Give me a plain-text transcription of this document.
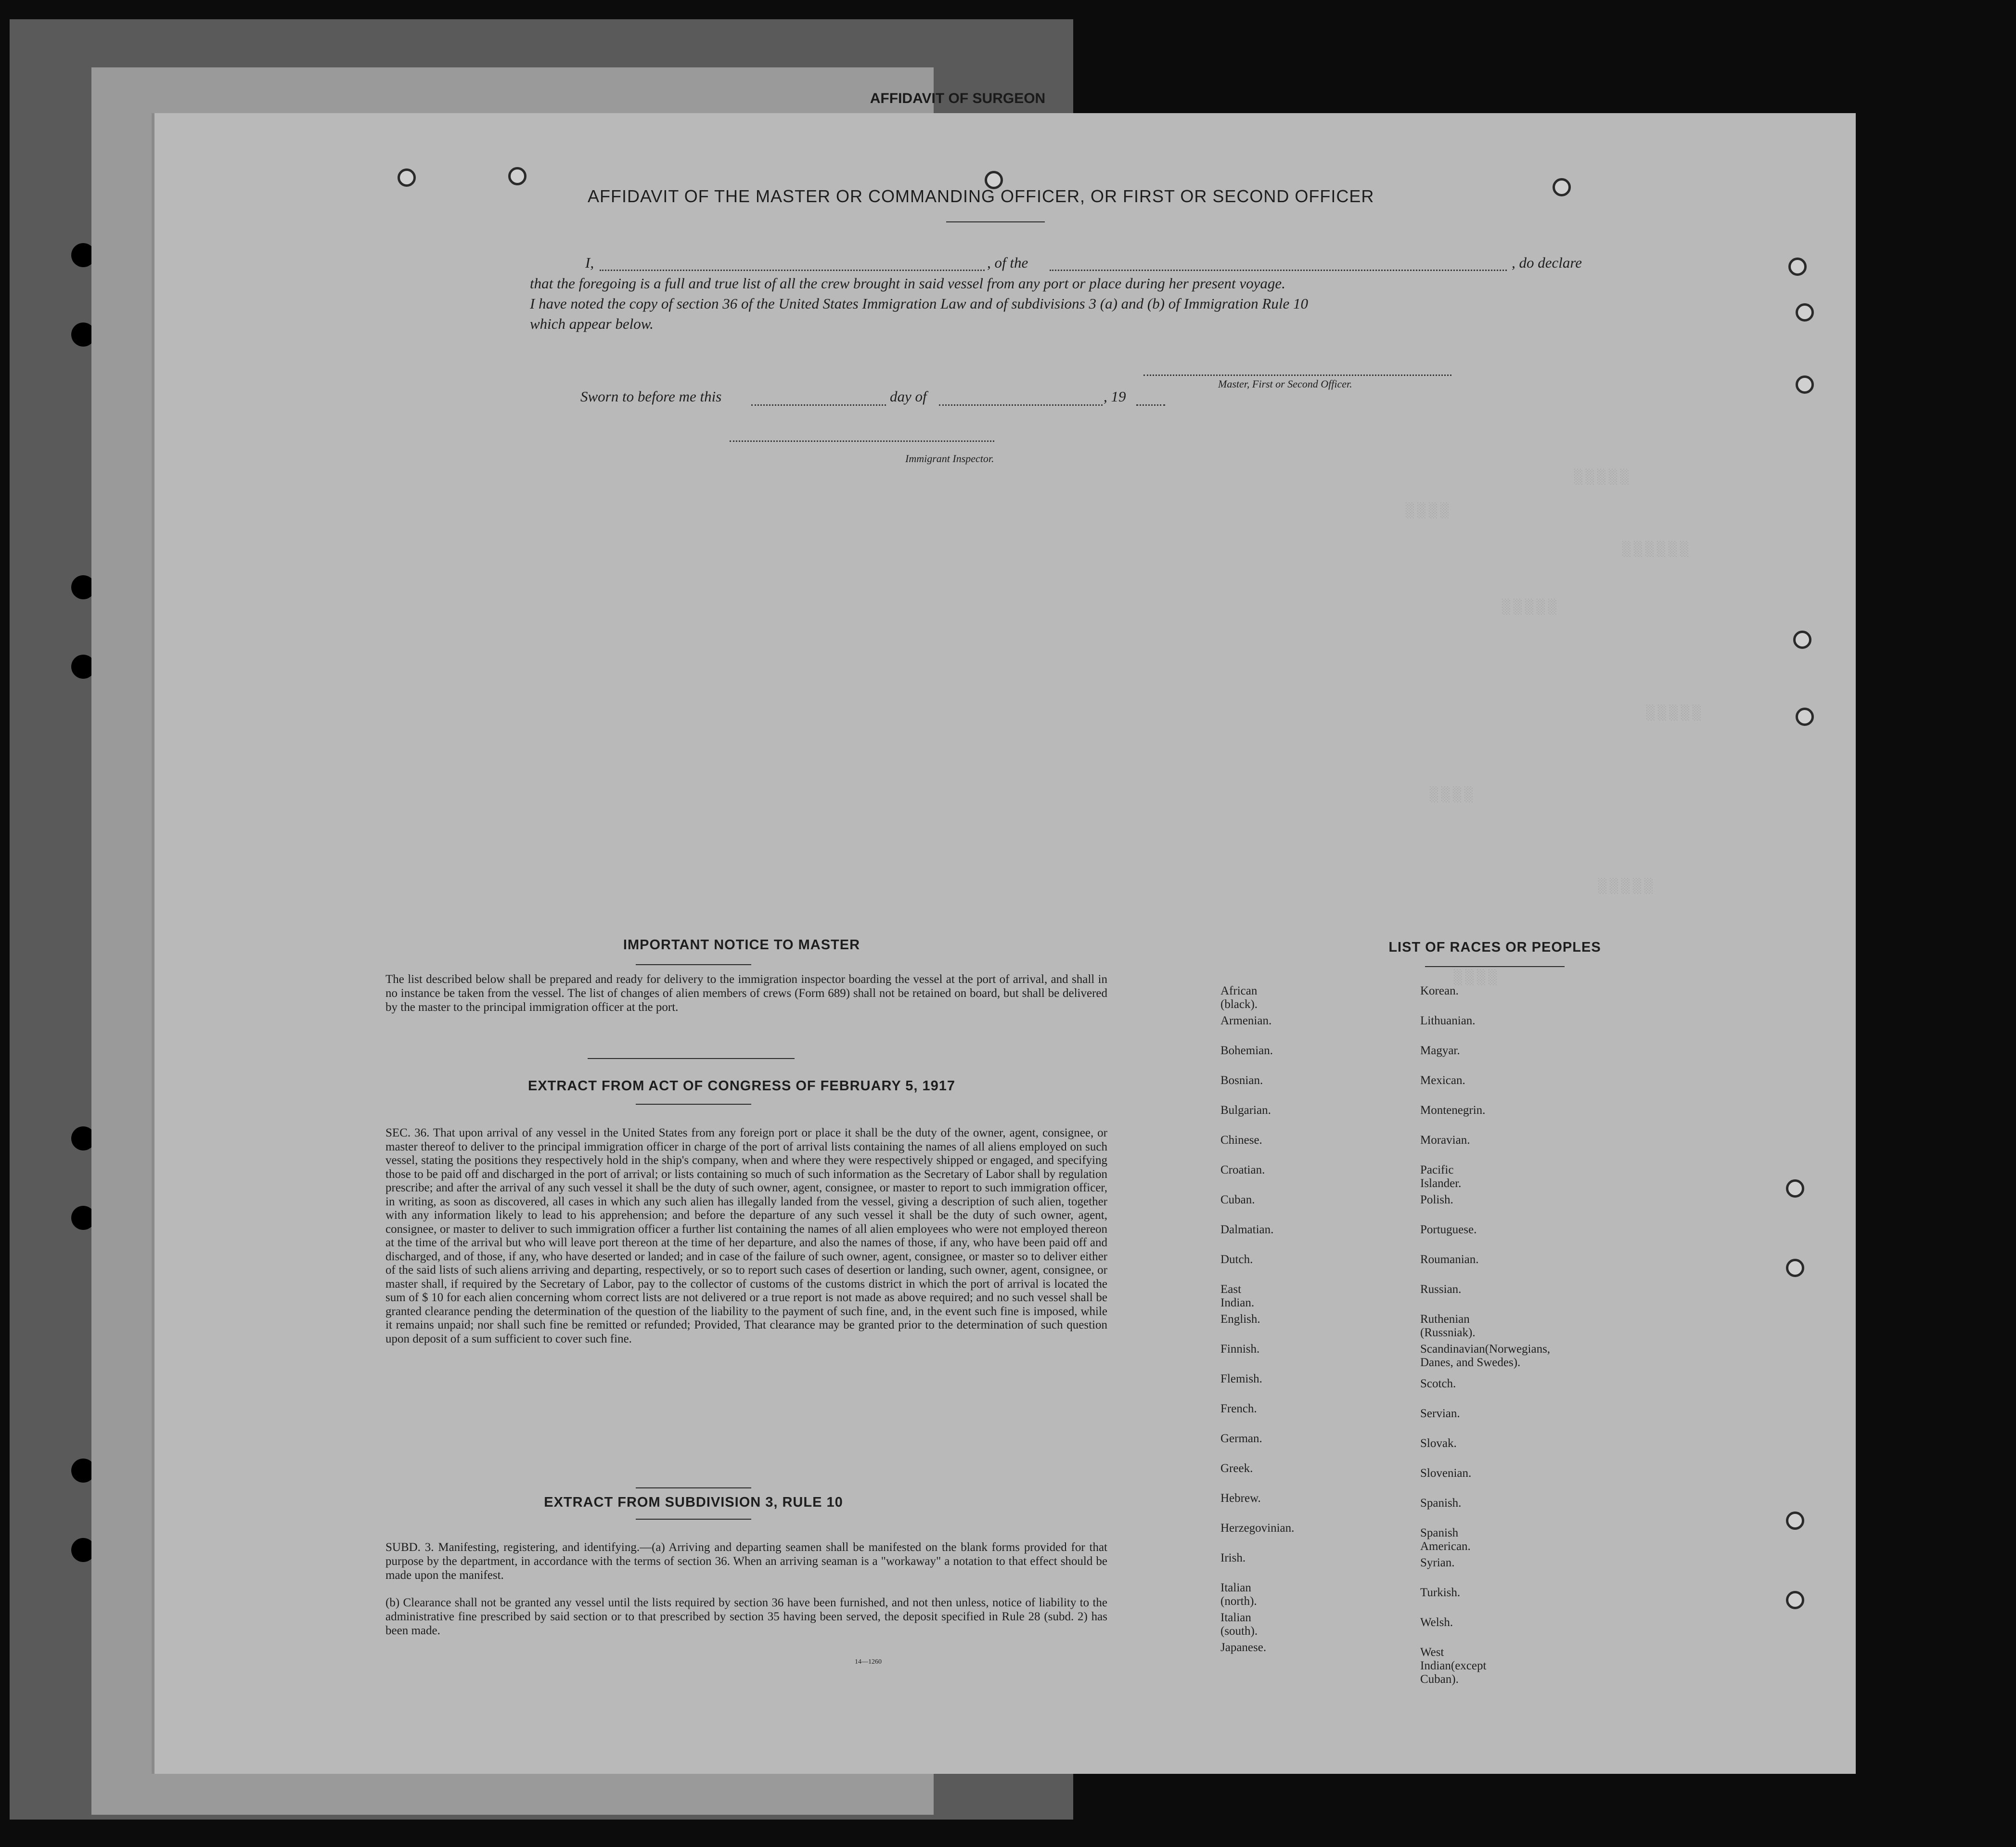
AFFIDAVIT OF SURGEON
░░░░░
░░░░
░░░░░░
░░░░░
░░░░░
░░░░
░░░░░
░░░░
AFFIDAVIT OF THE MASTER OR COMMANDING OFFICER, OR FIRST OR SECOND OFFICER
I,	, of the	, do declare
that the foregoing is a full and true list of all the crew brought in said vessel from any port or place during her present voyage.
I have noted the copy of section 36 of the United States Immigration Law and of subdivisions 3 (a) and (b) of Immigration Rule 10
which appear below.
Master, First or Second Officer.
Sworn to before me this	day of	, 19
Immigrant Inspector.
IMPORTANT NOTICE TO MASTER
The list described below shall be prepared and ready for delivery to the immigration inspector boarding the vessel at the port of arrival, and shall in no instance be taken from the vessel. The list of changes of alien members of crews (Form 689) shall not be retained on board, but shall be delivered by the master to the principal immigration officer at the port.
EXTRACT FROM ACT OF CONGRESS OF FEBRUARY 5, 1917
SEC. 36. That upon arrival of any vessel in the United States from any foreign port or place it shall be the duty of the owner, agent, consignee, or master thereof to deliver to the principal immigration officer in charge of the port of arrival lists containing the names of all aliens employed on such vessel, stating the positions they respectively hold in the ship's company, when and where they were respectively shipped or engaged, and specifying those to be paid off and discharged in the port of arrival; or lists containing so much of such information as the Secretary of Labor shall by regulation prescribe; and after the arrival of any such vessel it shall be the duty of such owner, agent, consignee, or master to report to such immigration officer, in writing, as soon as discovered, all cases in which any such alien has illegally landed from the vessel, giving a description of such alien, together with any information likely to lead to his apprehension; and before the departure of any such vessel it shall be the duty of such owner, agent, consignee, or master to deliver to such immigration officer a further list containing the names of all alien employees who were not employed thereon at the time of the arrival but who will leave port thereon at the time of her departure, and also the names of those, if any, who have been paid off and discharged, and of those, if any, who have deserted or landed; and in case of the failure of such owner, agent, consignee, or master so to deliver either of the said lists of such aliens arriving and departing, respectively, or so to report such cases of desertion or landing, such owner, agent, consignee, or master shall, if required by the Secretary of Labor, pay to the collector of customs of the customs district in which the port of arrival is located the sum of $ 10 for each alien concerning whom correct lists are not delivered or a true report is not made as above required; and no such vessel shall be granted clearance pending the determination of the question of the liability to the payment of such fine, and, in the event such fine is imposed, while it remains unpaid; nor shall such fine be remitted or refunded; Provided, That clearance may be granted prior to the determination of such question upon deposit of a sum sufficient to cover such fine.
EXTRACT FROM SUBDIVISION 3, RULE 10
SUBD. 3. Manifesting, registering, and identifying.—(a) Arriving and departing seamen shall be manifested on the blank forms provided for that purpose by the department, in accordance with the terms of section 36. When an arriving seaman is a "workaway" a notation to that effect should be made upon the manifest.
(b) Clearance shall not be granted any vessel until the lists required by section 36 have been furnished, and not then unless, notice of liability to the administrative fine prescribed by said section or to that prescribed by section 35 having been served, the deposit specified in Rule 28 (subd. 2) has been made.
14—1260
LIST OF RACES OR PEOPLES
African (black).
Armenian.
Bohemian.
Bosnian.
Bulgarian.
Chinese.
Croatian.
Cuban.
Dalmatian.
Dutch.
East Indian.
English.
Finnish.
Flemish.
French.
German.
Greek.
Hebrew.
Herzegovinian.
Irish.
Italian (north).
Italian (south).
Japanese.
Korean.
Lithuanian.
Magyar.
Mexican.
Montenegrin.
Moravian.
Pacific Islander.
Polish.
Portuguese.
Roumanian.
Russian.
Ruthenian (Russniak).
Scandinavian(Norwegians,
Danes, and Swedes).
Scotch.
Servian.
Slovak.
Slovenian.
Spanish.
Spanish American.
Syrian.
Turkish.
Welsh.
West Indian(except Cuban).
